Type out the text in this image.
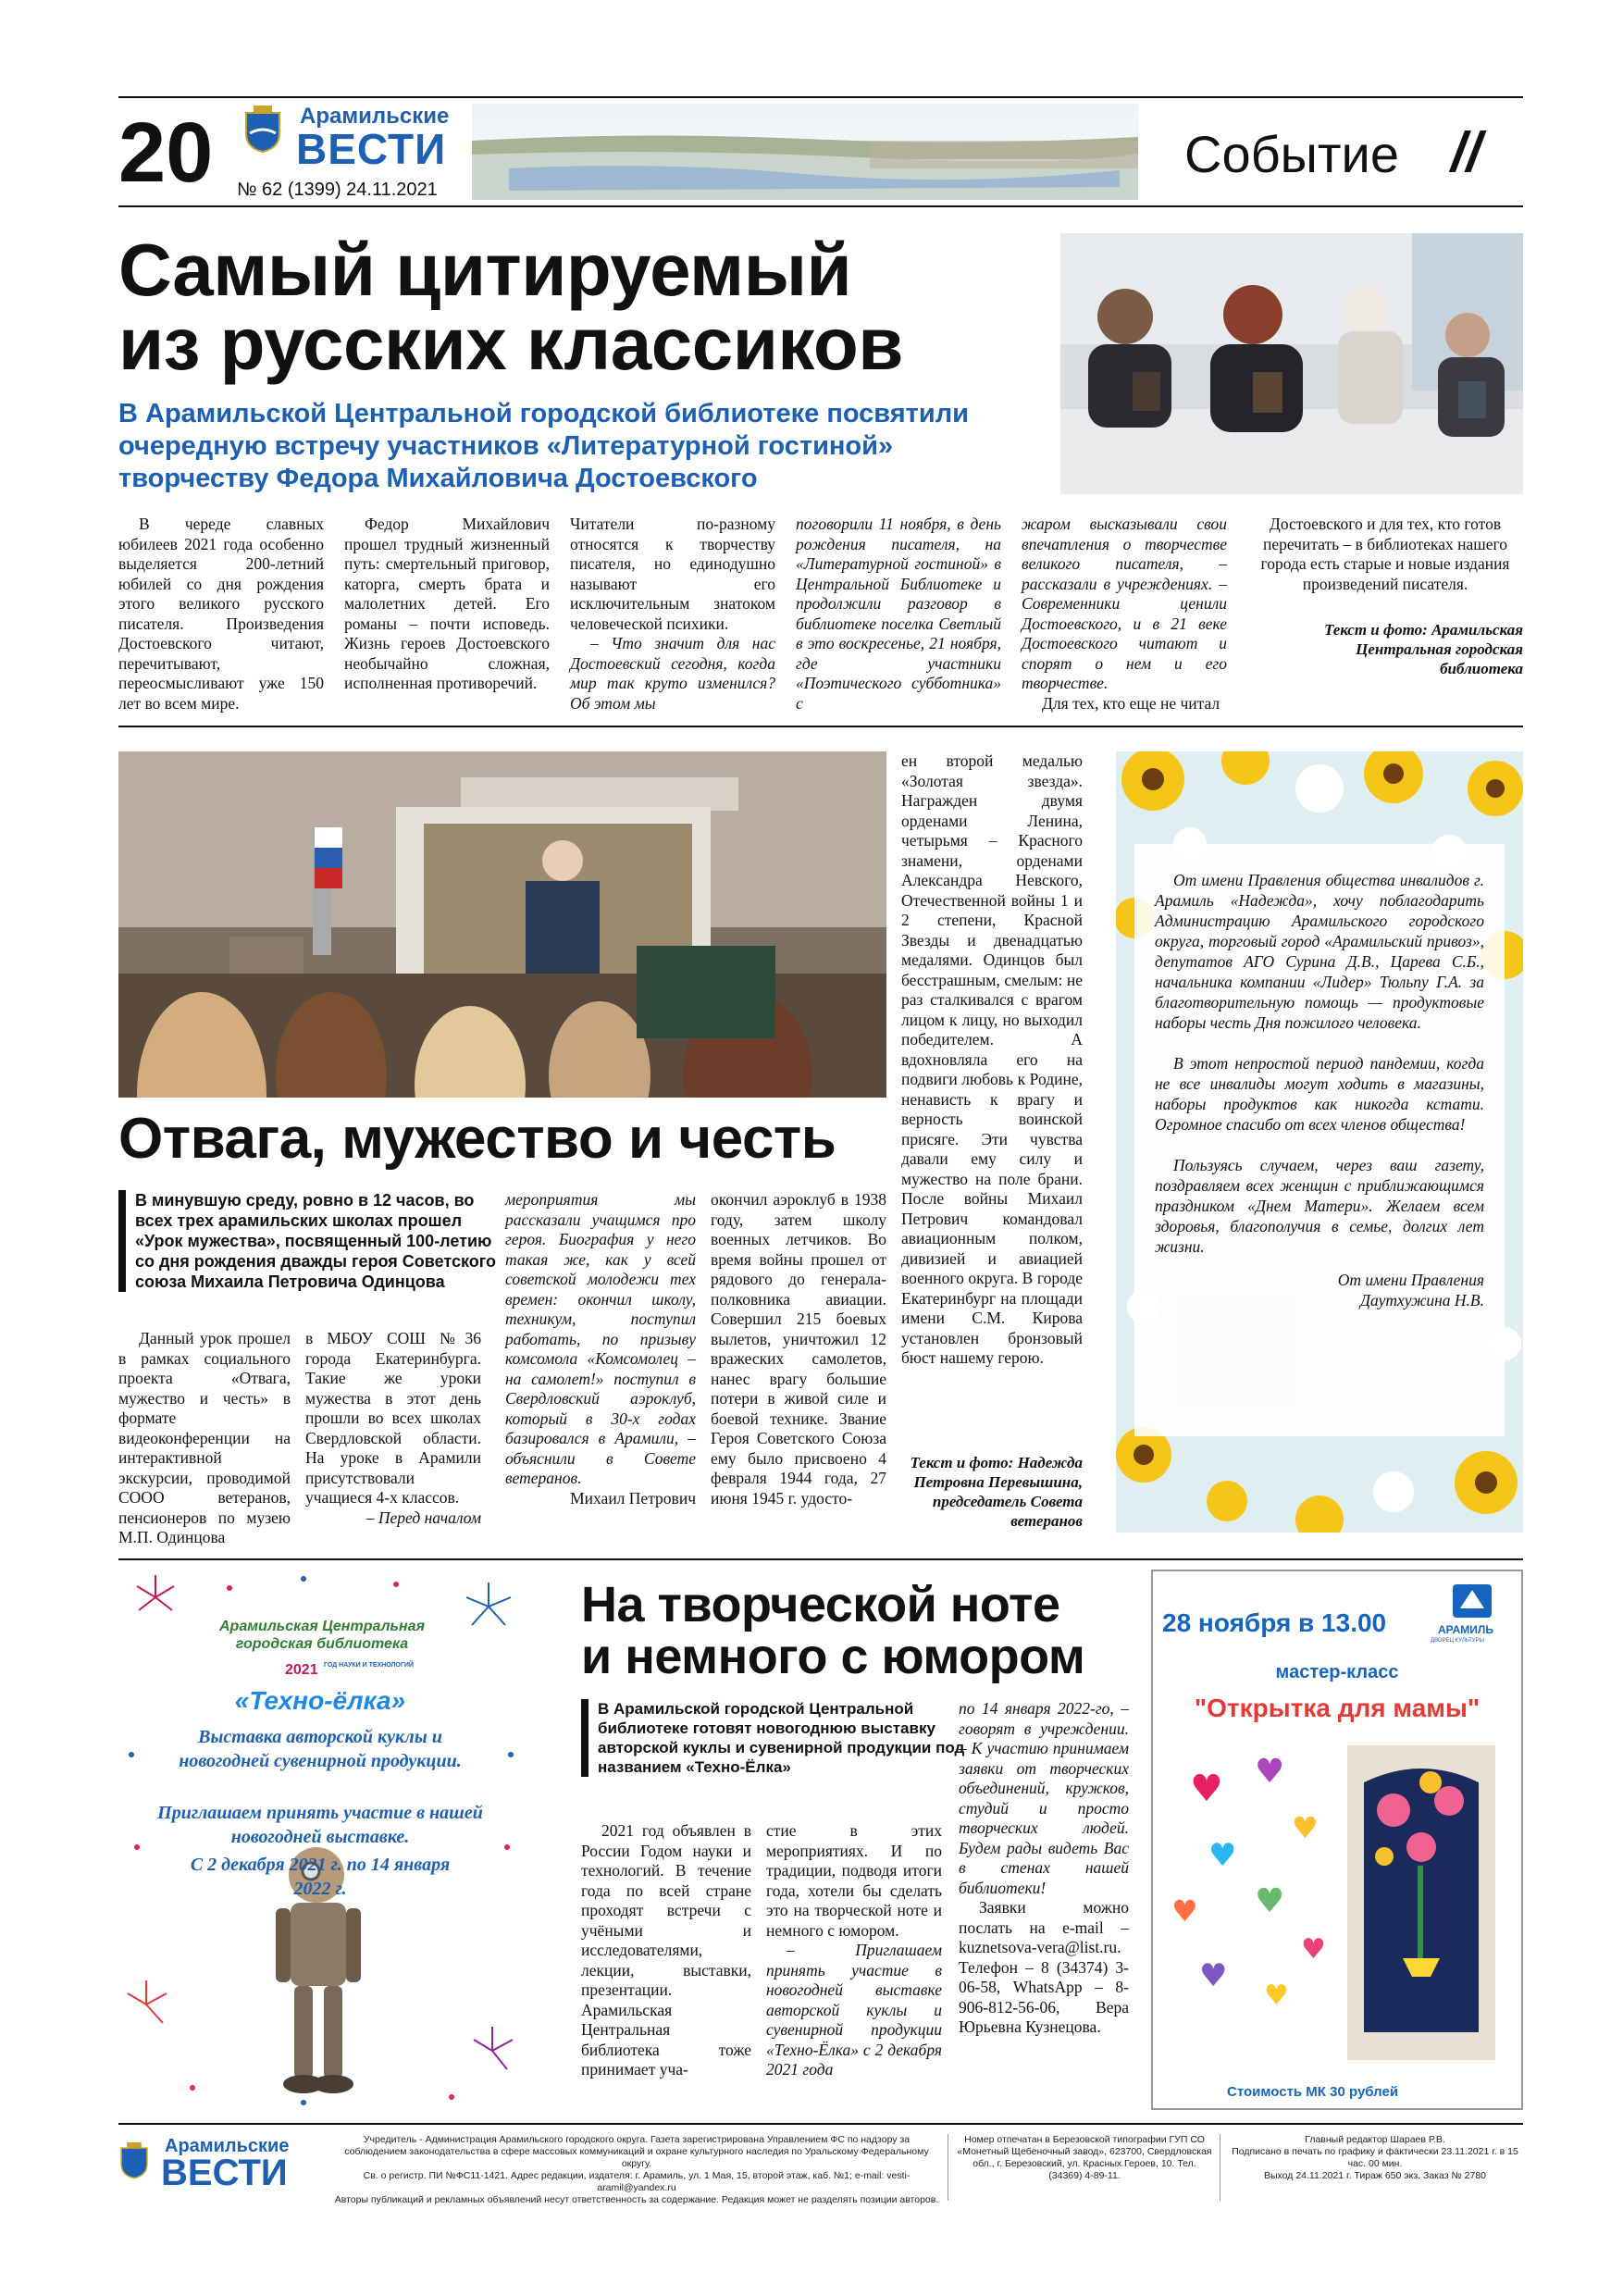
20	Арамильские
ВЕСТИ
№ 62 (1399) 24.11.2021
Событие //
Самый цитируемый
из русских классиков
В Арамильской Центральной городской библиотеке посвятили очередную встречу участников «Литературной гостиной» творчеству Федора Михайловича Достоевского

В череде славных юбилеев 2021 года особенно выделяется 200-летний юбилей со дня рождения этого великого русского писателя. Произведения Достоевского читают, перечитывают, переосмысливают уже 150 лет во всем мире.

Федор Михайлович прошел трудный жизненный путь: смертельный приговор, каторга, смерть брата и малолетних детей. Его романы – почти исповедь. Жизнь героев Достоевского необычайно сложная, исполненная противоречий.

Читатели по-разному относятся к творчеству писателя, но единодушно называют его исключительным знатоком человеческой психики.

– Что значит для нас Достоевский сегодня, когда мир так круто изменился? Об этом мы

поговорили 11 ноября, в день рождения писателя, на «Литературной гостиной» в Центральной Библиотеке и продолжили разговор в библиотеке поселка Светлый в это воскресенье, 21 ноября, где участники «Поэтического субботника» с

жаром высказывали свои впечатления о творчестве великого писателя, – рассказали в учреждениях. – Современники ценили Достоевского, и в 21 веке Достоевского читают и спорят о нем и его творчестве.

Для тех, кто еще не читал

Достоевского и для тех, кто готов перечитать – в библиотеках нашего города есть старые и новые издания произведений писателя.

Текст и фото: Арамильская Центральная городская библиотека
Отвага, мужество и честь
В минувшую среду, ровно в 12 часов, во всех трех арамильских школах прошел «Урок мужества», посвященный 100-летию со дня рождения дважды героя Советского союза Михаила Петровича Одинцова

Данный урок прошел в рамках социального проекта «Отвага, мужество и честь» в формате видеоконференции на интерактивной экскурсии, проводимой СООО ветеранов, пенсионеров по музею М.П. Одинцова

в МБОУ СОШ №36 города Екатеринбурга. Такие же уроки мужества в этот день прошли во всех школах Свердловской области. На уроке в Арамили присутствовали учащиеся 4-х классов.

– Перед началом

мероприятия мы рассказали учащимся про героя. Биография у него такая же, как у всей советской молодежи тех времен: окончил школу, техникум, поступил работать, по призыву комсомола «Комсомолец – на самолет!» поступил в Свердловский аэроклуб, который в 30-х годах базировался в Арамили, – объяснили в Совете ветеранов.

Михаил Петрович

окончил аэроклуб в 1938 году, затем школу военных летчиков. Во время войны прошел от рядового до генерала-полковника авиации. Совершил 215 боевых вылетов, уничтожил 12 вражеских самолетов, нанес врагу большие потери в живой силе и боевой технике. Звание Героя Советского Союза ему было присвоено 4 февраля 1944 года, 27 июня 1945 г. удосто-

ен второй медалью «Золотая звезда». Награжден двумя орденами Ленина, четырьмя – Красного знамени, орденами Александра Невского, Отечественной войны 1 и 2 степени, Красной Звезды и двенадцатью медалями. Одинцов был бесстрашным, смелым: не раз сталкивался с врагом лицом к лицу, но выходил победителем. А вдохновляла его на подвиги любовь к Родине, ненависть к врагу и верность воинской присяге. Эти чувства давали ему силу и мужество на поле брани. После войны Михаил Петрович командовал авиационным полком, дивизией и авиацией военного округа. В городе Екатеринбург на площади имени С.М. Кирова установлен бронзовый бюст нашему герою.

Текст и фото: Надежда Петровна Перевышина, председатель Совета ветеранов

От имени Правления общества инвалидов г. Арамиль «Надежда», хочу поблагодарить Администрацию Арамильского городского округа, торговый город «Арамильский привоз», депутатов АГО Сурина Д.В., Царева С.Б., начальника компании «Лидер» Тюльпу Г.А. за благотворительную помощь — продуктовые наборы честь Дня пожилого человека.

В этот непростой период пандемии, когда не все инвалиды могут ходить в магазины, наборы продуктов как никогда кстати. Огромное спасибо от всех членов общества!

Пользуясь случаем, через ваш газету, поздравляем всех женщин с приближающимся праздником «Днем Матери». Желаем всем здоровья, благополучия в семье, долгих лет жизни.

От имени Правления

Даутхужина Н.В.

Арамильская Центральная городская библиотека
2021 ГОД НАУКИ И ТЕХНОЛОГИЙ
«Техно-ёлка»
Выставка авторской куклы и новогодней сувенирной продукции.
Приглашаем принять участие в нашей новогодней выставке.
С 2 декабря 2021 г. по 14 января 2022 г.
На творческой ноте
и немного с юмором
В Арамильской городской Центральной библиотеке готовят новогоднюю выставку авторской куклы и сувенирной продукции под названием «Техно-Ёлка»

2021 год объявлен в России Годом науки и технологий. В течение года по всей стране проходят встречи с учёными и исследователями, лекции, выставки, презентации. Арамильская Центральная библиотека тоже принимает уча-

стие в этих мероприятиях. И по традиции, подводя итоги года, хотели бы сделать это на творческой ноте и немного с юмором.

– Приглашаем принять участие в новогодней выставке авторской куклы и сувенирной продукции «Техно-Ёлка» с 2 декабря 2021 года

по 14 января 2022-го, – говорят в учреждении. – К участию принимаем заявки от творческих объединений, кружков, студий и просто творческих людей. Будем рады видеть Вас в стенах нашей библиотеки!

Заявки можно послать на e-mail – kuznetsova-vera@list.ru. Телефон – 8 (34374) 3-06-58, WhatsApp – 8-906-812-56-06, Вера Юрьевна Кузнецова.

28 ноября в 13.00	АРАМИЛЬ
ДВОРЕЦ КУЛЬТУРЫ
мастер-класс
"Открытка для мамы"
♥ ♥
♥
♥
♥ ♥
♥
♥
♥
Стоимость МК 30 рублей
Арамильские
ВЕСТИ
Учредитель - Администрация Арамильского городского округа. Газета зарегистрирована Управлением ФС по надзору за соблюдением законодательства в сфере массовых коммуникаций и охране культурного наследия по Уральскому Федеральному округу.
Св. о регистр. ПИ №ФС11-1421. Адрес редакции, издателя: г. Арамиль, ул. 1 Мая, 15, второй этаж, каб. №1; e-mail: vesti-aramil@yandex.ru
Авторы публикаций и рекламных объявлений несут ответственность за содержание. Редакция может не разделять позиции авторов.
Номер отпечатан в Березовской типографии ГУП СО «Монетный Щебеночный завод», 623700, Свердловская обл., г. Березовский, ул. Красных Героев, 10. Тел. (34369) 4-89-11.
Главный редактор Шараев Р.В.
Подписано в печать по графику и фактически 23.11.2021 г. в 15 час. 00 мин.
Выход 24.11.2021 г. Тираж 650 экз. Заказ № 2780
